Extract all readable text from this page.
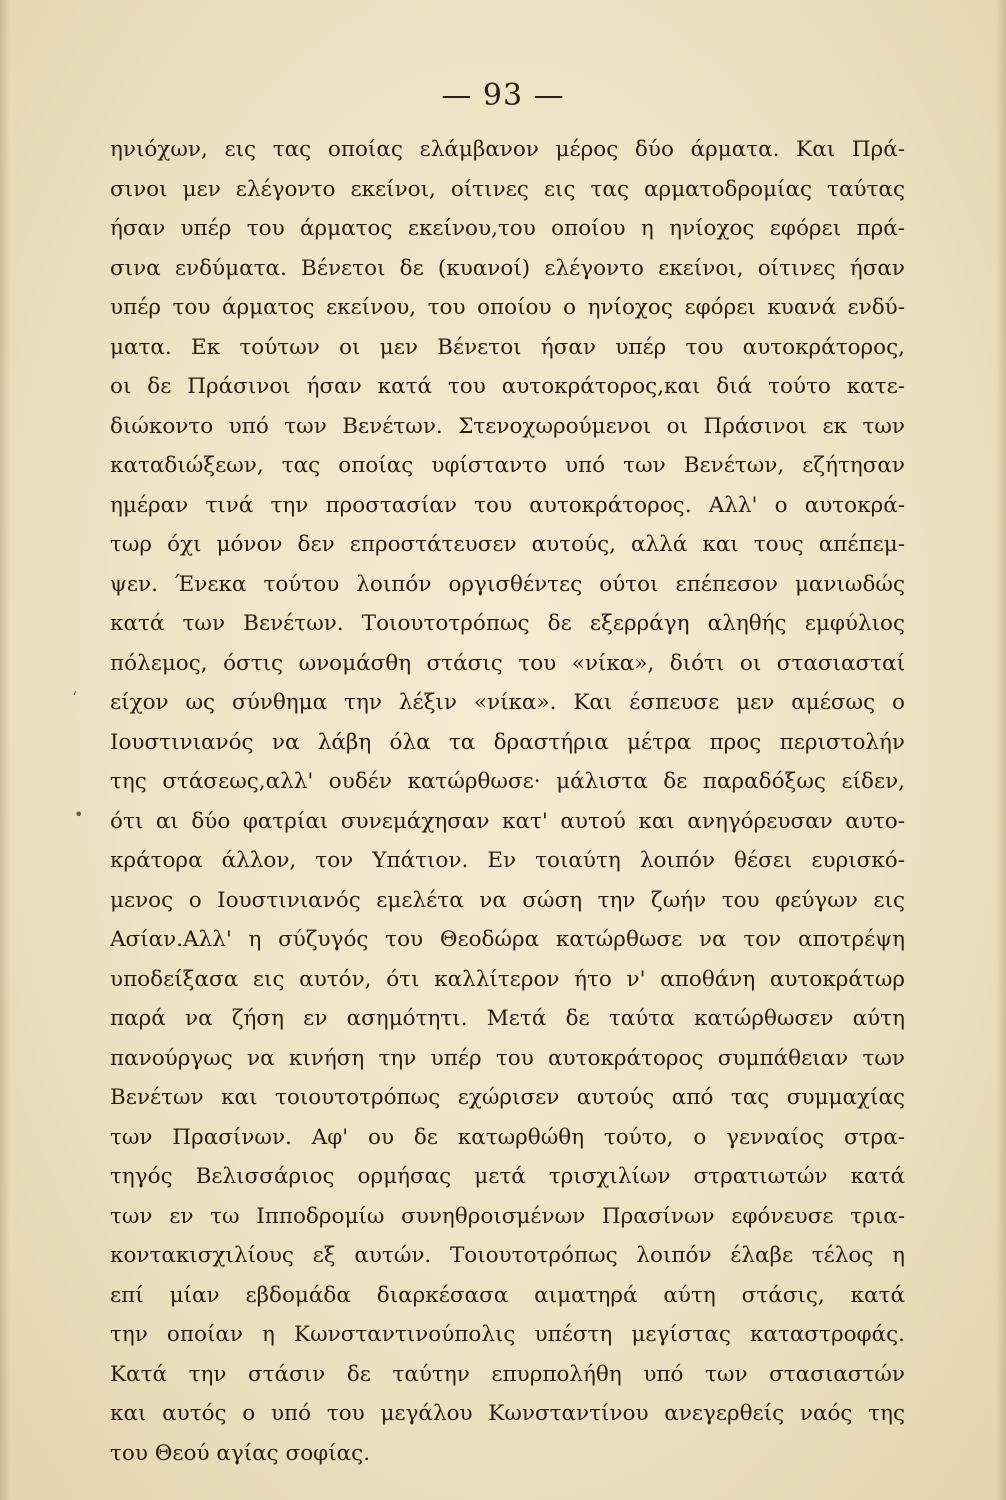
— 93 —
‘
•
ηνιόχων, εις τας οποίας ελάμβανον μέρος δύο άρματα. Και Πρά-
σινοι μεν ελέγοντο εκείνοι, οίτινες εις τας αρματοδρομίας ταύτας
ήσαν υπέρ του άρματος εκείνου,του οποίου η ηνίοχος εφόρει πρά-
σινα ενδύματα. Βένετοι δε (κυανοί) ελέγοντο εκείνοι, οίτινες ήσαν
υπέρ του άρματος εκείνου, του οποίου ο ηνίοχος εφόρει κυανά ενδύ-
ματα. Εκ τούτων οι μεν Βένετοι ήσαν υπέρ του αυτοκράτορος,
οι δε Πράσινοι ήσαν κατά του αυτοκράτορος,και διά τούτο κατε-
διώκοντο υπό των Βενέτων. Στενοχωρούμενοι οι Πράσινοι εκ των
καταδιώξεων, τας οποίας υφίσταντο υπό των Βενέτων, εζήτησαν
ημέραν τινά την προστασίαν του αυτοκράτορος. Αλλ' ο αυτοκρά-
τωρ όχι μόνον δεν επροστάτευσεν αυτούς, αλλά και τους απέπεμ-
ψεν. Ένεκα τούτου λοιπόν οργισθέντες ούτοι επέπεσον μανιωδώς
κατά των Βενέτων. Τοιουτοτρόπως δε εξερράγη αληθής εμφύλιος
πόλεμος, όστις ωνομάσθη στάσις του «νίκα», διότι οι στασιασταί
είχον ως σύνθημα την λέξιν «νίκα». Και έσπευσε μεν αμέσως ο
Ιουστινιανός να λάβη όλα τα δραστήρια μέτρα προς περιστολήν
της στάσεως,αλλ' ουδέν κατώρθωσε· μάλιστα δε παραδόξως είδεν,
ότι αι δύο φατρίαι συνεμάχησαν κατ' αυτού και ανηγόρευσαν αυτο-
κράτορα άλλον, τον Υπάτιον. Εν τοιαύτη λοιπόν θέσει ευρισκό-
μενος ο Ιουστινιανός εμελέτα να σώση την ζωήν του φεύγων εις
Ασίαν.Αλλ' η σύζυγός του Θεοδώρα κατώρθωσε να τον αποτρέψη
υποδείξασα εις αυτόν, ότι καλλίτερον ήτο ν' αποθάνη αυτοκράτωρ
παρά να ζήση εν ασημότητι. Μετά δε ταύτα κατώρθωσεν αύτη
πανούργως να κινήση την υπέρ του αυτοκράτορος συμπάθειαν των
Βενέτων και τοιουτοτρόπως εχώρισεν αυτούς από τας συμμαχίας
των Πρασίνων. Αφ' ου δε κατωρθώθη τούτο, ο γενναίος στρα-
τηγός Βελισσάριος ορμήσας μετά τρισχιλίων στρατιωτών κατά
των εν τω Ιπποδρομίω συνηθροισμένων Πρασίνων εφόνευσε τρια-
κοντακισχιλίους εξ αυτών. Τοιουτοτρόπως λοιπόν έλαβε τέλος η
επί μίαν εβδομάδα διαρκέσασα αιματηρά αύτη στάσις, κατά
την οποίαν η Κωνσταντινούπολις υπέστη μεγίστας καταστροφάς.
Κατά την στάσιν δε ταύτην επυρπολήθη υπό των στασιαστών
και αυτός ο υπό του μεγάλου Κωνσταντίνου ανεγερθείς ναός της
του Θεού αγίας σοφίας.
